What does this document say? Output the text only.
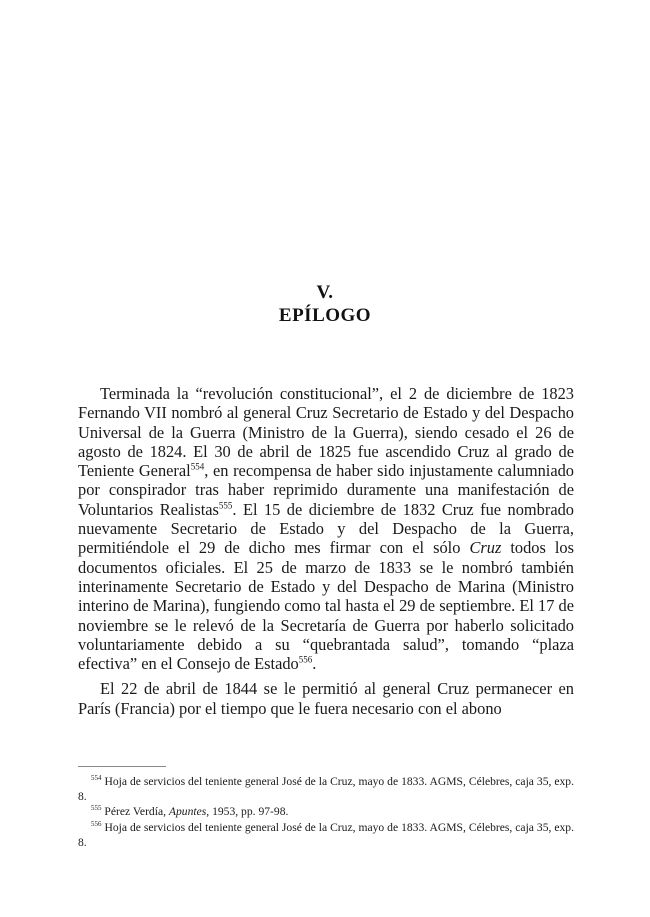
V.
EPÍLOGO

Terminada la “revolución constitucional”, el 2 de diciembre de 1823 Fernando VII nombró al general Cruz Secretario de Estado y del Despacho Universal de la Guerra (Ministro de la Guerra), siendo cesado el 26 de agosto de 1824. El 30 de abril de 1825 fue ascendido Cruz al grado de Teniente General$^{554}$, en recompensa de haber sido injustamente calumniado por conspirador tras haber reprimido duramente una manifestación de Voluntarios Realistas$^{555}$. El 15 de diciembre de 1832 Cruz fue nombrado nuevamente Secretario de Estado y del Despacho de la Guerra, permitiéndole el 29 de dicho mes firmar con el sólo Cruz todos los documentos oficiales. El 25 de marzo de 1833 se le nombró también interinamente Secretario de Estado y del Despacho de Marina (Ministro interino de Marina), fungiendo como tal hasta el 29 de septiembre. El 17 de noviembre se le relevó de la Secretaría de Guerra por haberlo solicitado voluntariamente debido a su “quebrantada salud”, tomando “plaza efectiva” en el Consejo de Estado$^{556}$.

El 22 de abril de 1844 se le permitió al general Cruz permanecer en París (Francia) por el tiempo que le fuera necesario con el abono

$^{554}$ Hoja de servicios del teniente general José de la Cruz, mayo de 1833. AGMS, Célebres, caja 35, exp. 8.

$^{555}$ Pérez Verdía, Apuntes, 1953, pp. 97-98.

$^{556}$ Hoja de servicios del teniente general José de la Cruz, mayo de 1833. AGMS, Célebres, caja 35, exp. 8.
